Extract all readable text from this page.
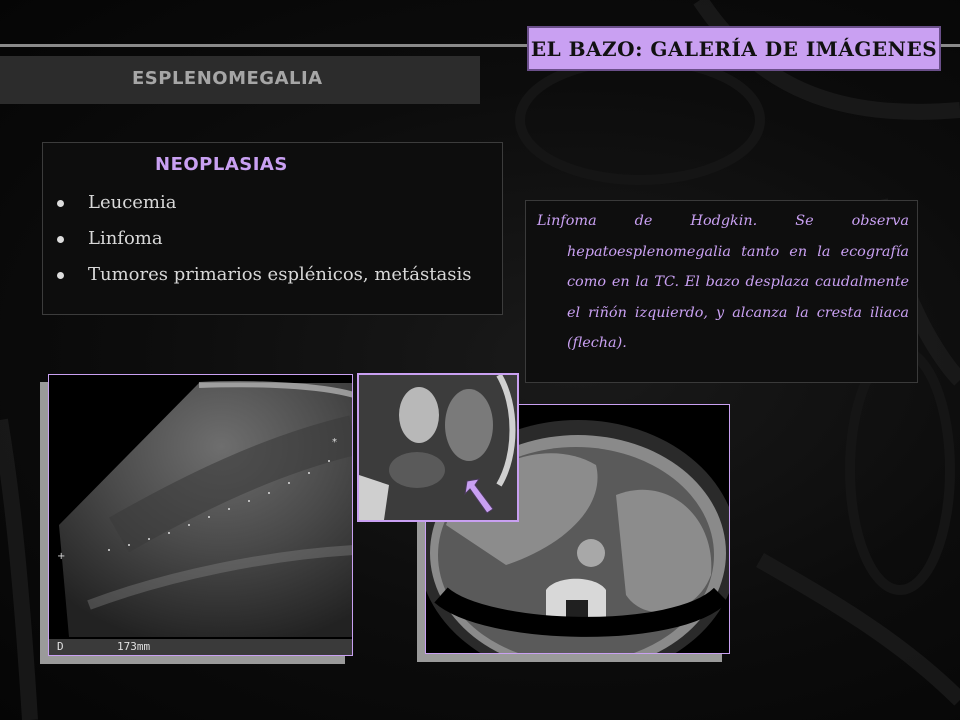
ESPLENOMEGALIA
EL BAZO: GALERÍA DE IMÁGENES
NEOPLASIAS
Leucemia
Linfoma
Tumores primarios esplénicos, metástasis

Linfoma de Hodgkin. Se observa hepatoesplenomegalia tanto en la ecografía como en la TC. El bazo desplaza caudalmente el riñón izquierdo, y alcanza la cresta iliaca (flecha).

*
+
D	173mm
